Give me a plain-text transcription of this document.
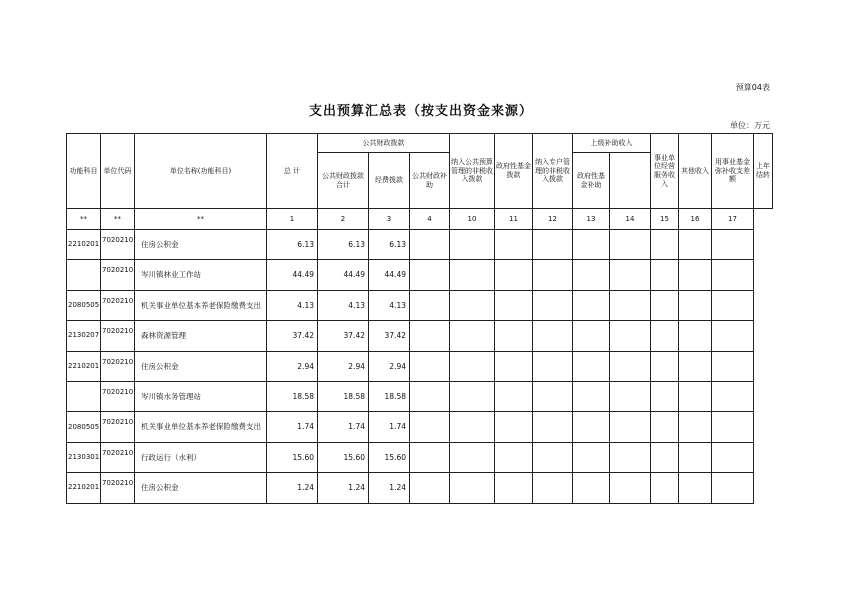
预算04表
支出预算汇总表（按支出资金来源）
单位：万元
功能科目	单位代码	单位名称(功能科目)	总 计	公共财政拨款			纳入公共预算管理的非税收入拨款	政府性基金拨款	纳入专户管理的非税收入拨款	上级补助收入		事业单位经营服务收入	其他收入	用事业基金弥补收支差额	上年结转
				公共财政拨款合计	经费拨款	公共财政补助				政府性基金补助					
**	**	**	1	2	3	4	10	11	12	13	14	15	16	17	
2210201	7020210	住房公积金	6.13	6.13	6.13										
	7020210	岑川镇林业工作站	44.49	44.49	44.49										
2080505	7020210	机关事业单位基本养老保险缴费支出	4.13	4.13	4.13										
2130207	7020210	森林资源管理	37.42	37.42	37.42										
2210201	7020210	住房公积金	2.94	2.94	2.94										
	7020210	岑川镇水务管理站	18.58	18.58	18.58										
2080505	7020210	机关事业单位基本养老保险缴费支出	1.74	1.74	1.74										
2130301	7020210	行政运行（水利）	15.60	15.60	15.60										
2210201	7020210	住房公积金	1.24	1.24	1.24										
